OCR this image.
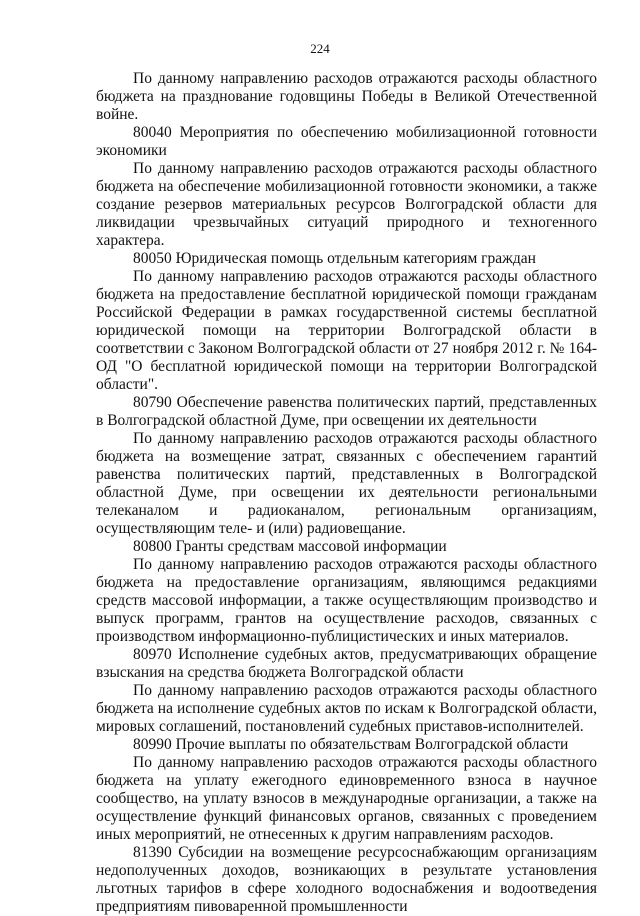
224

По данному направлению расходов отражаются расходы областного бюджета на празднование годовщины Победы в Великой Отечественной войне.

80040 Мероприятия по обеспечению мобилизационной готовности экономики

По данному направлению расходов отражаются расходы областного бюджета на обеспечение мобилизационной готовности экономики, а также создание резервов материальных ресурсов Волгоградской области для ликвидации чрезвычайных ситуаций природного и техногенного характера.

80050 Юридическая помощь отдельным категориям граждан

По данному направлению расходов отражаются расходы областного бюджета на предоставление бесплатной юридической помощи гражданам Российской Федерации в рамках государственной системы бесплатной юридической помощи на территории Волгоградской области в соответствии с Законом Волгоградской области от 27 ноября 2012 г. № 164-ОД "О бесплатной юридической помощи на территории Волгоградской области".

80790 Обеспечение равенства политических партий, представленных в Волгоградской областной Думе, при освещении их деятельности

По данному направлению расходов отражаются расходы областного бюджета на возмещение затрат, связанных с обеспечением гарантий равенства политических партий, представленных в Волгоградской областной Думе, при освещении их деятельности региональными телеканалом и радиоканалом, региональным организациям, осуществляющим теле- и (или) радиовещание.

80800 Гранты средствам массовой информации

По данному направлению расходов отражаются расходы областного бюджета на предоставление организациям, являющимся редакциями средств массовой информации, а также осуществляющим производство и выпуск программ, грантов на осуществление расходов, связанных с производством информационно-публицистических и иных материалов.

80970 Исполнение судебных актов, предусматривающих обращение взыскания на средства бюджета Волгоградской области

По данному направлению расходов отражаются расходы областного бюджета на исполнение судебных актов по искам к Волгоградской области, мировых соглашений, постановлений судебных приставов-исполнителей.

80990 Прочие выплаты по обязательствам Волгоградской области

По данному направлению расходов отражаются расходы областного бюджета на уплату ежегодного единовременного взноса в научное сообщество, на уплату взносов в международные организации, а также на осуществление функций финансовых органов, связанных с проведением иных мероприятий, не отнесенных к другим направлениям расходов.

81390 Субсидии на возмещение ресурсоснабжающим организациям недополученных доходов, возникающих в результате установления льготных тарифов в сфере холодного водоснабжения и водоотведения предприятиям пивоваренной промышленности
